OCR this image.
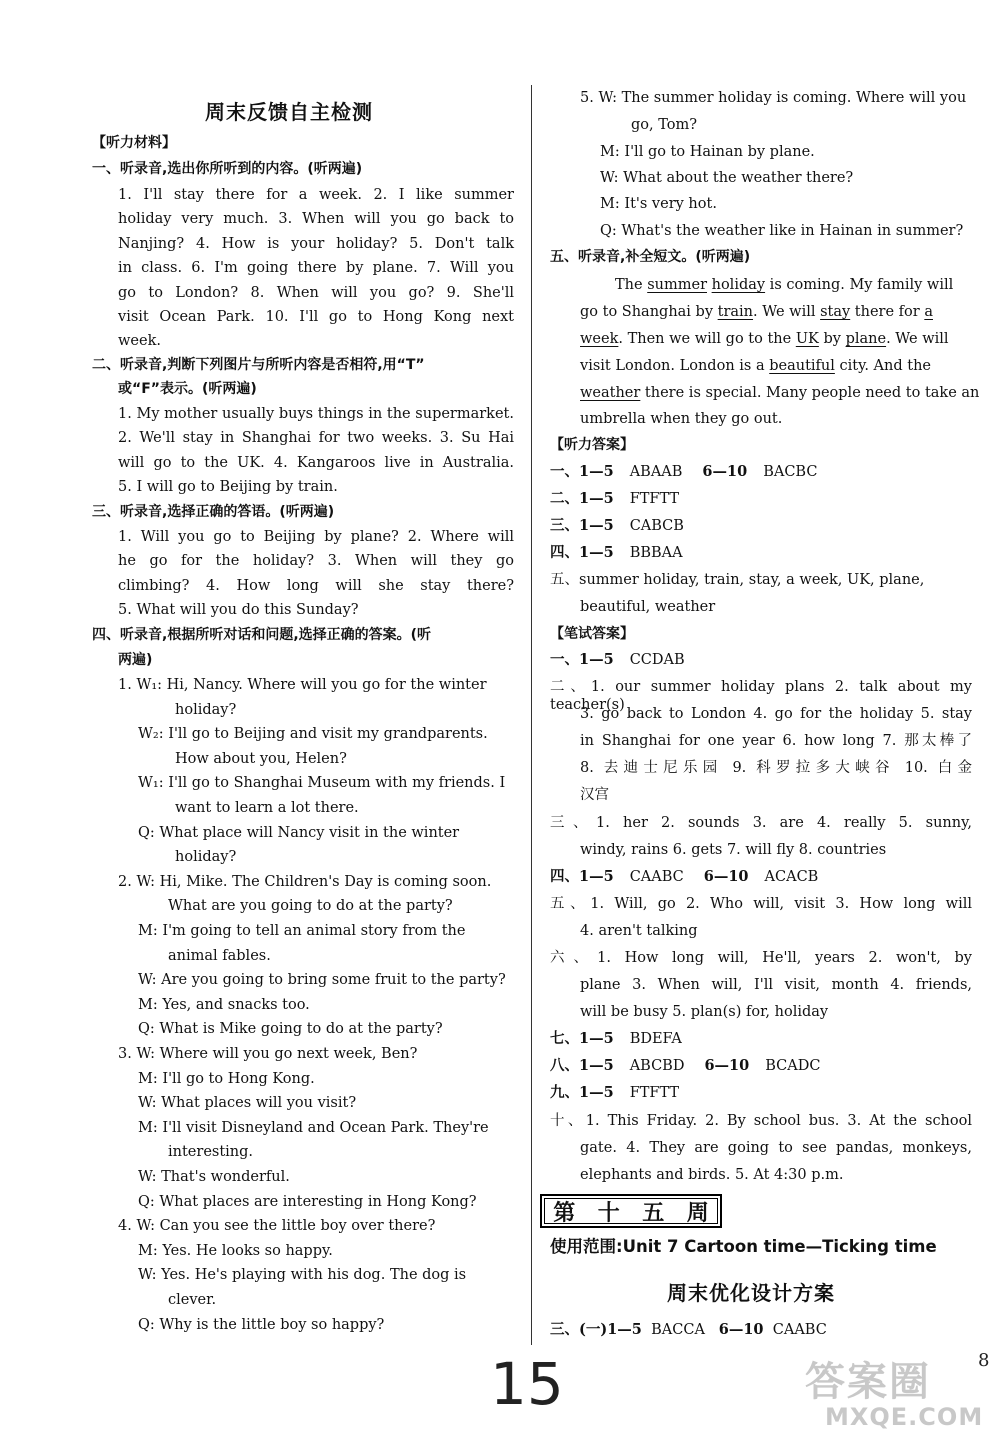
周末反馈自主检测
【听力材料】
一、听录音,选出你所听到的内容。(听两遍)
1. I'll stay there for a week. 2. I like summer
holiday very much. 3. When will you go back to
Nanjing? 4. How is your holiday? 5. Don't talk
in class. 6. I'm going there by plane. 7. Will you
go to London? 8. When will you go? 9. She'll
visit Ocean Park. 10. I'll go to Hong Kong next
week.
二、听录音,判断下列图片与所听内容是否相符,用“T”
或“F”表示。(听两遍)
1. My mother usually buys things in the supermarket.
2. We'll stay in Shanghai for two weeks. 3. Su Hai
will go to the UK. 4. Kangaroos live in Australia.
5. I will go to Beijing by train.
三、听录音,选择正确的答语。(听两遍)
1. Will you go to Beijing by plane? 2. Where will
he go for the holiday? 3. When will they go
climbing? 4. How long will she stay there?
5. What will you do this Sunday?
四、听录音,根据所听对话和问题,选择正确的答案。(听
两遍)
1. W₁: Hi, Nancy. Where will you go for the winter
holiday?
W₂: I'll go to Beijing and visit my grandparents.
How about you, Helen?
W₁: I'll go to Shanghai Museum with my friends. I
want to learn a lot there.
Q: What place will Nancy visit in the winter
holiday?
2. W: Hi, Mike. The Children's Day is coming soon.
What are you going to do at the party?
M: I'm going to tell an animal story from the
animal fables.
W: Are you going to bring some fruit to the party?
M: Yes, and snacks too.
Q: What is Mike going to do at the party?
3. W: Where will you go next week, Ben?
M: I'll go to Hong Kong.
W: What places will you visit?
M: I'll visit Disneyland and Ocean Park. They're
interesting.
W: That's wonderful.
Q: What places are interesting in Hong Kong?
4. W: Can you see the little boy over there?
M: Yes. He looks so happy.
W: Yes. He's playing with his dog. The dog is
clever.
Q: Why is the little boy so happy?
5. W: The summer holiday is coming. Where will you
go, Tom?
M: I'll go to Hainan by plane.
W: What about the weather there?
M: It's very hot.
Q: What's the weather like in Hainan in summer?
五、听录音,补全短文。(听两遍)
The summer holiday is coming. My family will
go to Shanghai by train. We will stay there for a
week. Then we will go to the UK by plane. We will
visit London. London is a beautiful city. And the
weather there is special. Many people need to take an
umbrella when they go out.
【听力答案】
一、1—5 ABAAB 6—10 BACBC
二、1—5 FTFTT
三、1—5 CABCB
四、1—5 BBBAA
五、summer holiday, train, stay, a week, UK, plane,
beautiful, weather
【笔试答案】
一、1—5 CCDAB
二、1. our summer holiday plans 2. talk about my teacher(s)
3. go back to London 4. go for the holiday 5. stay
in Shanghai for one year 6. how long 7. 那太棒了
8. 去迪士尼乐园 9. 科罗拉多大峡谷 10. 白金
汉宫
三、1. her 2. sounds 3. are 4. really 5. sunny,
windy, rains 6. gets 7. will fly 8. countries
四、1—5 CAABC 6—10 ACACB
五、1. Will, go 2. Who will, visit 3. How long will
4. aren't talking
六、1. How long will, He'll, years 2. won't, by
plane 3. When will, I'll visit, month 4. friends,
will be busy 5. plan(s) for, holiday
七、1—5 BDEFA
八、1—5 ABCBD 6—10 BCADC
九、1—5 FTFTT
十、1. This Friday. 2. By school bus. 3. At the school
gate. 4. They are going to see pandas, monkeys,
elephants and birds. 5. At 4:30 p.m.
使用范围:Unit 7 Cartoon time—Ticking time
周末优化设计方案
三、(一)1—5 BACCA 6—10 CAABC
第 十 五 周
15	答案圈
MXQE.COM
8
